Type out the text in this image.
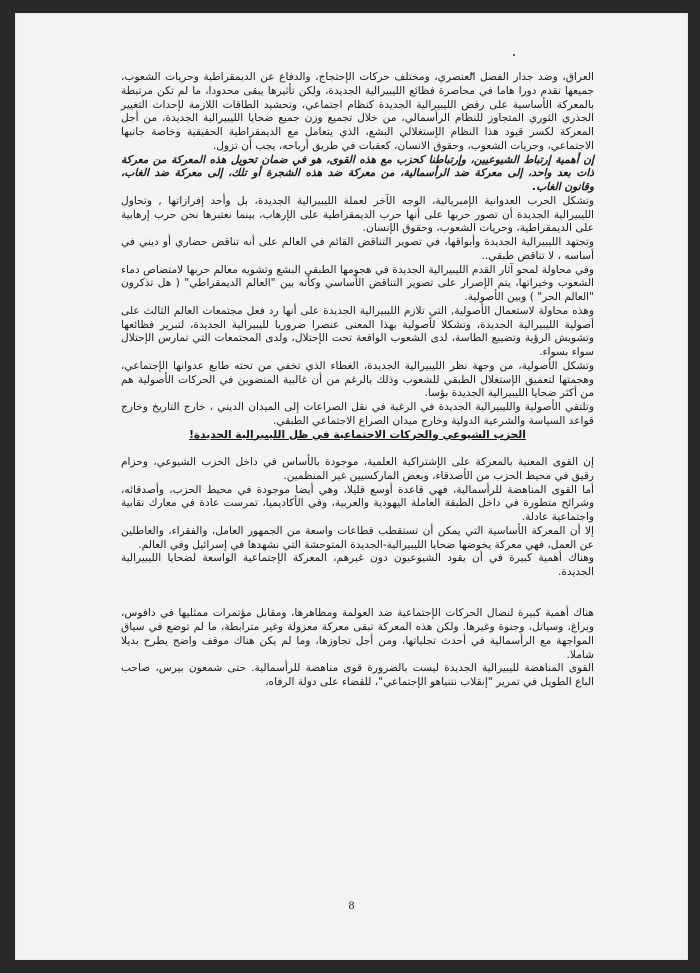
العراق، وضد جدار الفصل العنصري، ومختلف حركات الإحتجاج، والدفاع عن الديمقراطية وحريات الشعوب، جميعها تقدم دورا هاما في محاصرة فظائع الليبيرالية الجديدة، ولكن تأثيرها يبقى محدودا، ما لم تكن مرتبطة بالمعركة الأساسية على رفض الليبيرالية الجديدة كنظام اجتماعي، وتحشيد الطاقات اللازمة لإحداث التغيير الجذري الثوري المتجاوز للنظام الرأسمالي، من خلال تجميع وزن جميع ضحايا الليبيرالية الجديدة، من أجل المعركة لكسر قيود هذا النظام الإستغلالي البشع، الذي يتعامل مع الديمقراطية الحقيقية وخاصة جانبها الاجتماعي، وحريات الشعوب، وحقوق الانسان، كعقبات في طريق أرباحه، يجب أن تزول.

إن أهمية إرتباط الشيوعيين، وإرتباطنا كحزب مع هذه القوى، هو في ضمان تحويل هذه المعركة من معركة ذات بعد واحد، إلى معركة ضد الرأسمالية، من معركة ضد هذه الشجرة أو تلك، إلى معركة ضد الغاب، وقانون الغاب.

وتشكل الحرب العدوانية الإمبريالية، الوجه الآخر لعملة الليبيرالية الجديدة، بل وأحد إفرازاتها , وتحاول الليبيرالية الجديدة أن تصور حربها على أنها حرب الديمقراطية على الإرهاب، بينما نعتبرها نحن حرب إرهابية على الديمقراطية، وحريات الشعوب، وحقوق الإنسان.

وتجتهد الليبيرالية الجديدة وأبواقها، في تصوير التناقض القائم في العالم على أنه تناقض حضاري أو ديني في أساسه ، لا تناقض طبقي..

وفي محاولة لمحو آثار القدم الليبيرالية الجديدة في هجومها الطبقي البشع وتشويه معالم حربها لامتصاص دماء الشعوب وخيراتها، يتم الإصرار على تصوير التناقض الأساسي وكأنه بين "العالم الديمقراطي" ( هل تذكرون "العالم الحر" ) وبين الأصولية.

وهذه محاولة لاستعمال الأصولية, التي تلازم الليبيرالية الجديدة على أنها رد فعل مجتمعات العالم الثالث على أصولية الليبيرالية الجديدة، وتشكلا لأصولية بهذا المعنى عنصرا ضروريا لليبيرالية الجديدة، لتبرير فظائعها وتشويش الرؤية وتضييع الطاسة، لدى الشعوب الواقعة تحت الإحتلال، ولدى المجتمعات التي تمارس الإحتلال سواء بسواء.

وتشكل الأصولية، من وجهة نظر الليبيرالية الجديدة، الغطاء الذي تخفي من تحته طابع عدوانها الإجتماعي، وهجمتها لتعميق الإستغلال الطبقي للشعوب وذلك بالرغم من أن غالبية المنضوين في الحركات الأصولية هم من أكثر ضحايا الليبيرالية الجديدة بؤسا.

وتلتقي الأصولية والليبيرالية الجديدة في الرغبة في نقل الصراعات إلى الميدان الديني ، خارج التاريخ وخارج قواعد السياسة والشرعية الدولية وخارج ميدان الصراع الاجتماعي الطبقي.

الحزب الشيوعي والحركات الاجتماعية في ظل الليبيرالية الجديدة!

إن القوى المعنية بالمعركة على الإشتراكية العلمية، موجودة بالأساس في داخل الحزب الشيوعي، وحزام رقيق في محيط الحزب من الأصدقاء، وبعض الماركسيين غير المنظمين.

أما القوى المناهضة للرأسمالية، فهي قاعدة أوسع قليلا، وهي أيضا موجودة في محيط الحزب، وأصدقائه، وشرائح متطورة في داخل الطبقة العاملة اليهودية والعربية، وفي الأكاديميا، تمرست عادة في معارك نقابية واجتماعية عادلة.

إلا أن المعركة الأساسية التي يمكن أن تستقطب قطاعات واسعة من الجمهور العامل، والفقراء، والعاطلين عن العمل، فهي معركة يخوضها ضحايا الليبيرالية-الجديدة المتوحشة التي نشهدها في إسرائيل وفي العالم.

وهناك أهمية كبيرة في أن يقود الشيوعيون دون غيرهم، المعركة الإجتماعية الواسعة لضحايا الليبيرالية الجديدة.

هناك أهمية كبيرة لنضال الحركات الإجتماعية ضد العولمة ومظاهرها، ومقابل مؤتمرات ممثليها في دافوس، وبراغ، وسياتل، وجنوة وغيرها. ولكن هذه المعركة تبقى معركة معزولة وغير مترابطة، ما لم توضع في سياق المواجهة مع الرأسمالية في أحدث تجلياتها، ومن أجل تجاوزها، وما لم يكن هناك موقف واضح يطرح بديلا شاملا.

القوى المناهضة لليبيرالية الجديدة ليست بالضرورة قوى مناهضة للرأسمالية. حتى شمعون بيرس، صاحب الباع الطويل في تمرير "إنقلاب نتنياهو الإجتماعي"، للقضاء على دولة الرفاه،

8
